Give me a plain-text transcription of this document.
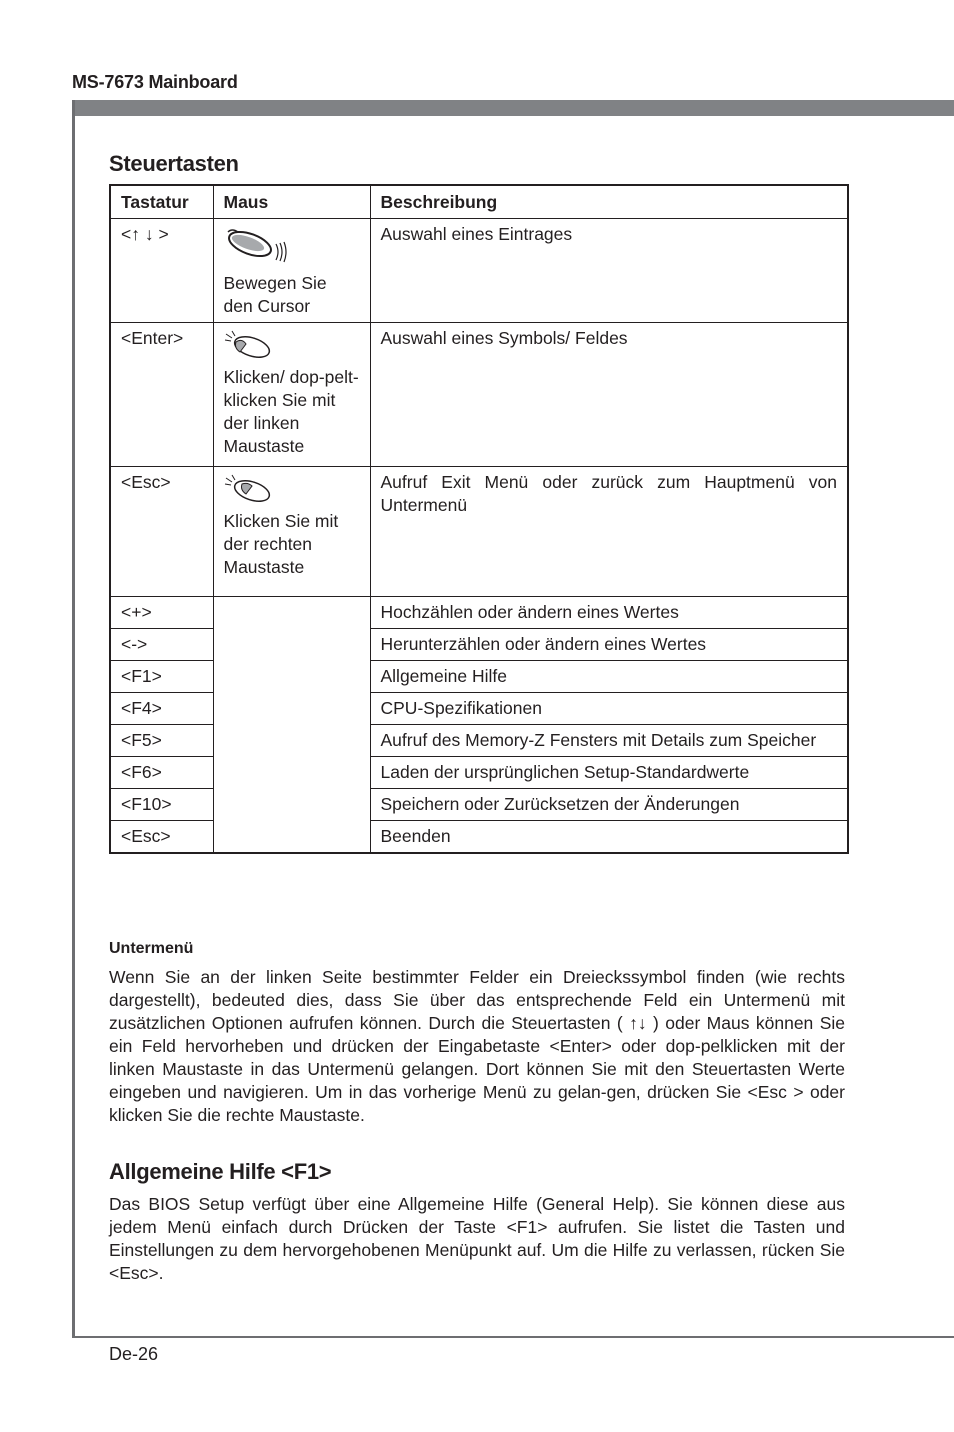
MS-7673 Mainboard
Steuertasten
Tastatur	Maus	Beschreibung
<↑ ↓ >	Bewegen Sie den Cursor	Auswahl eines Eintrages
<Enter>	Klicken/ dop-pelt-klicken Sie mit der linken Maustaste	Auswahl eines Symbols/ Feldes
<Esc>	Klicken Sie mit der rechten Maustaste	Aufruf Exit Menü oder zurück zum Hauptmenü von Untermenü
<+>		Hochzählen oder ändern eines Wertes
<->		Herunterzählen oder ändern eines Wertes
<F1>		Allgemeine Hilfe
<F4>		CPU-Spezifikationen
<F5>		Aufruf des Memory-Z Fensters mit Details zum Speicher
<F6>		Laden der ursprünglichen Setup-Standardwerte
<F10>		Speichern oder Zurücksetzen der Änderungen
<Esc>		Beenden
Untermenü

Wenn Sie an der linken Seite bestimmter Felder ein Dreieckssymbol finden (wie rechts dargestellt), bedeuted dies, dass Sie über das entsprechende Feld ein Untermenü mit zusätzlichen Optionen aufrufen können. Durch die Steuertasten ( ↑↓ ) oder Maus können Sie ein Feld hervorheben und drücken der Eingabetaste <Enter> oder dop-pelklicken mit der linken Maustaste in das Untermenü gelangen. Dort können Sie mit den Steuertasten Werte eingeben und navigieren. Um in das vorherige Menü zu gelan-gen, drücken Sie <Esc > oder klicken Sie die rechte Maustaste.

Allgemeine Hilfe <F1>

Das BIOS Setup verfügt über eine Allgemeine Hilfe (General Help). Sie können diese aus jedem Menü einfach durch Drücken der Taste <F1> aufrufen. Sie listet die Tasten und Einstellungen zu dem hervorgehobenen Menüpunkt auf. Um die Hilfe zu verlassen, rücken Sie <Esc>.

De-26
